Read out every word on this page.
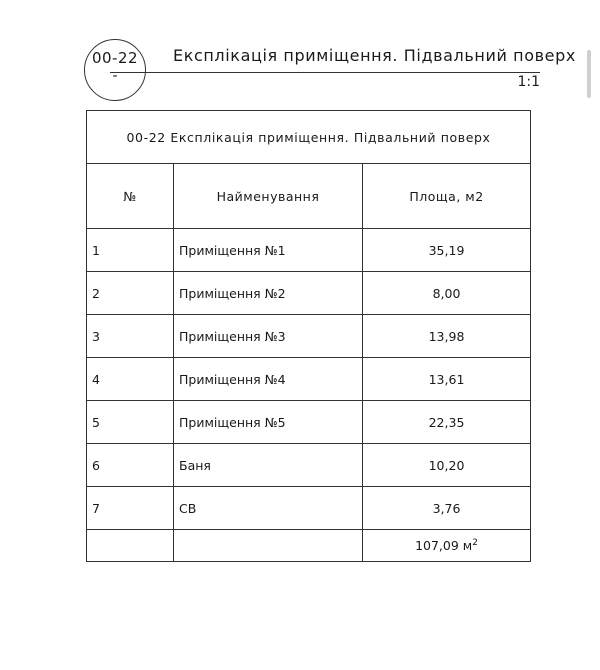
00-22
-
Експлікація приміщення. Підвальний поверх
1:1
00-22 Експлікація приміщення. Підвальний поверх		
№	Найменування	Площа, м2
1	Приміщення №1	35,19
2	Приміщення №2	8,00
3	Приміщення №3	13,98
4	Приміщення №4	13,61
5	Приміщення №5	22,35
6	Баня	10,20
7	СВ	3,76
		107,09 $м^2$
